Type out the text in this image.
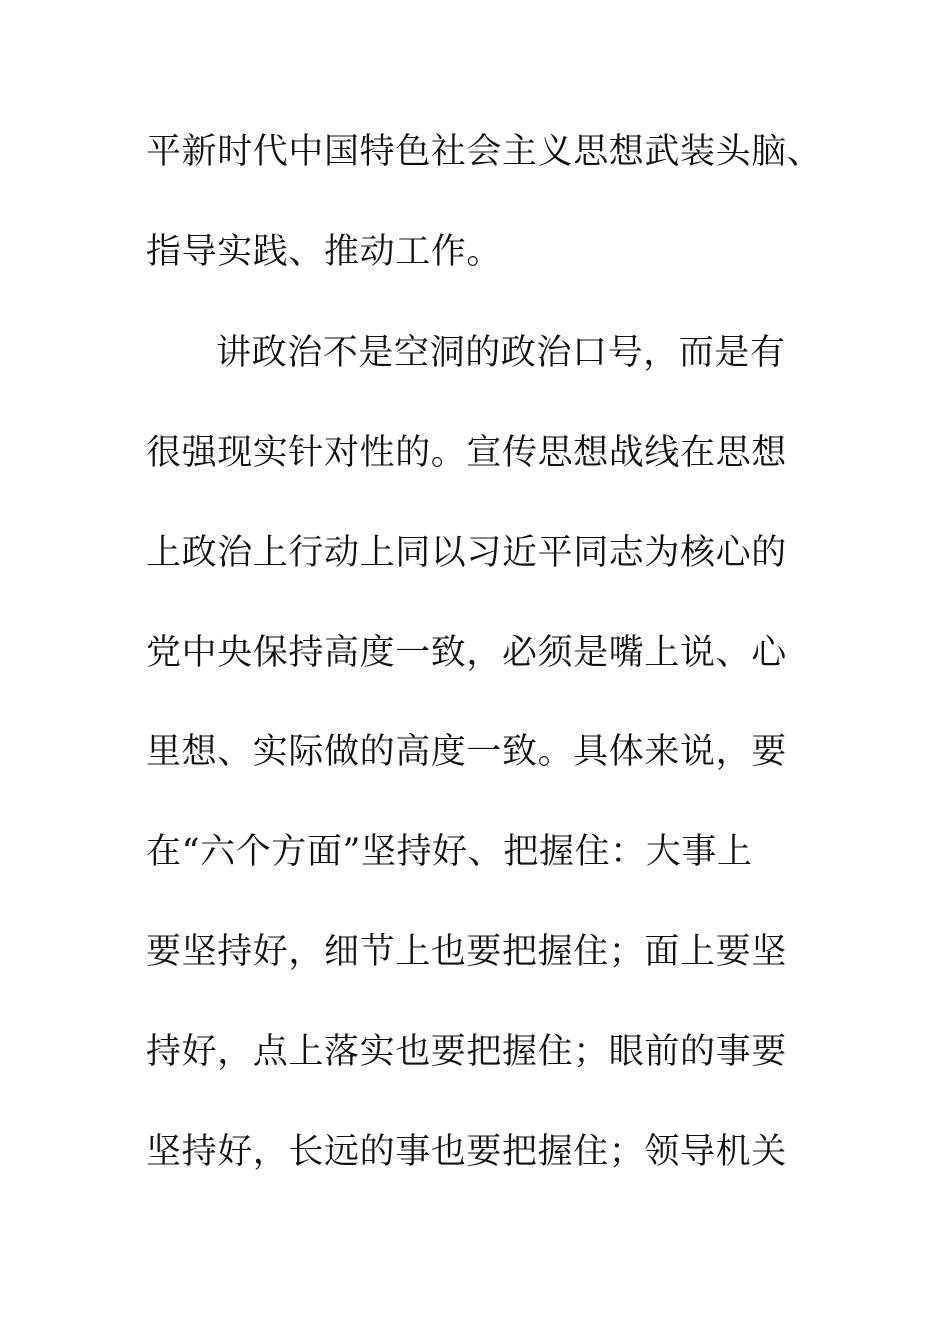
平新时代中国特色社会主义思想武装头脑、
指导实践、推动工作。
讲政治不是空洞的政治口号，而是有
很强现实针对性的。宣传思想战线在思想
上政治上行动上同以习近平同志为核心的
党中央保持高度一致，必须是嘴上说、心
里想、实际做的高度一致。具体来说，要
在“六个方面”坚持好、把握住：大事上
要坚持好，细节上也要把握住；面上要坚
持好，点上落实也要把握住；眼前的事要
坚持好，长远的事也要把握住；领导机关
